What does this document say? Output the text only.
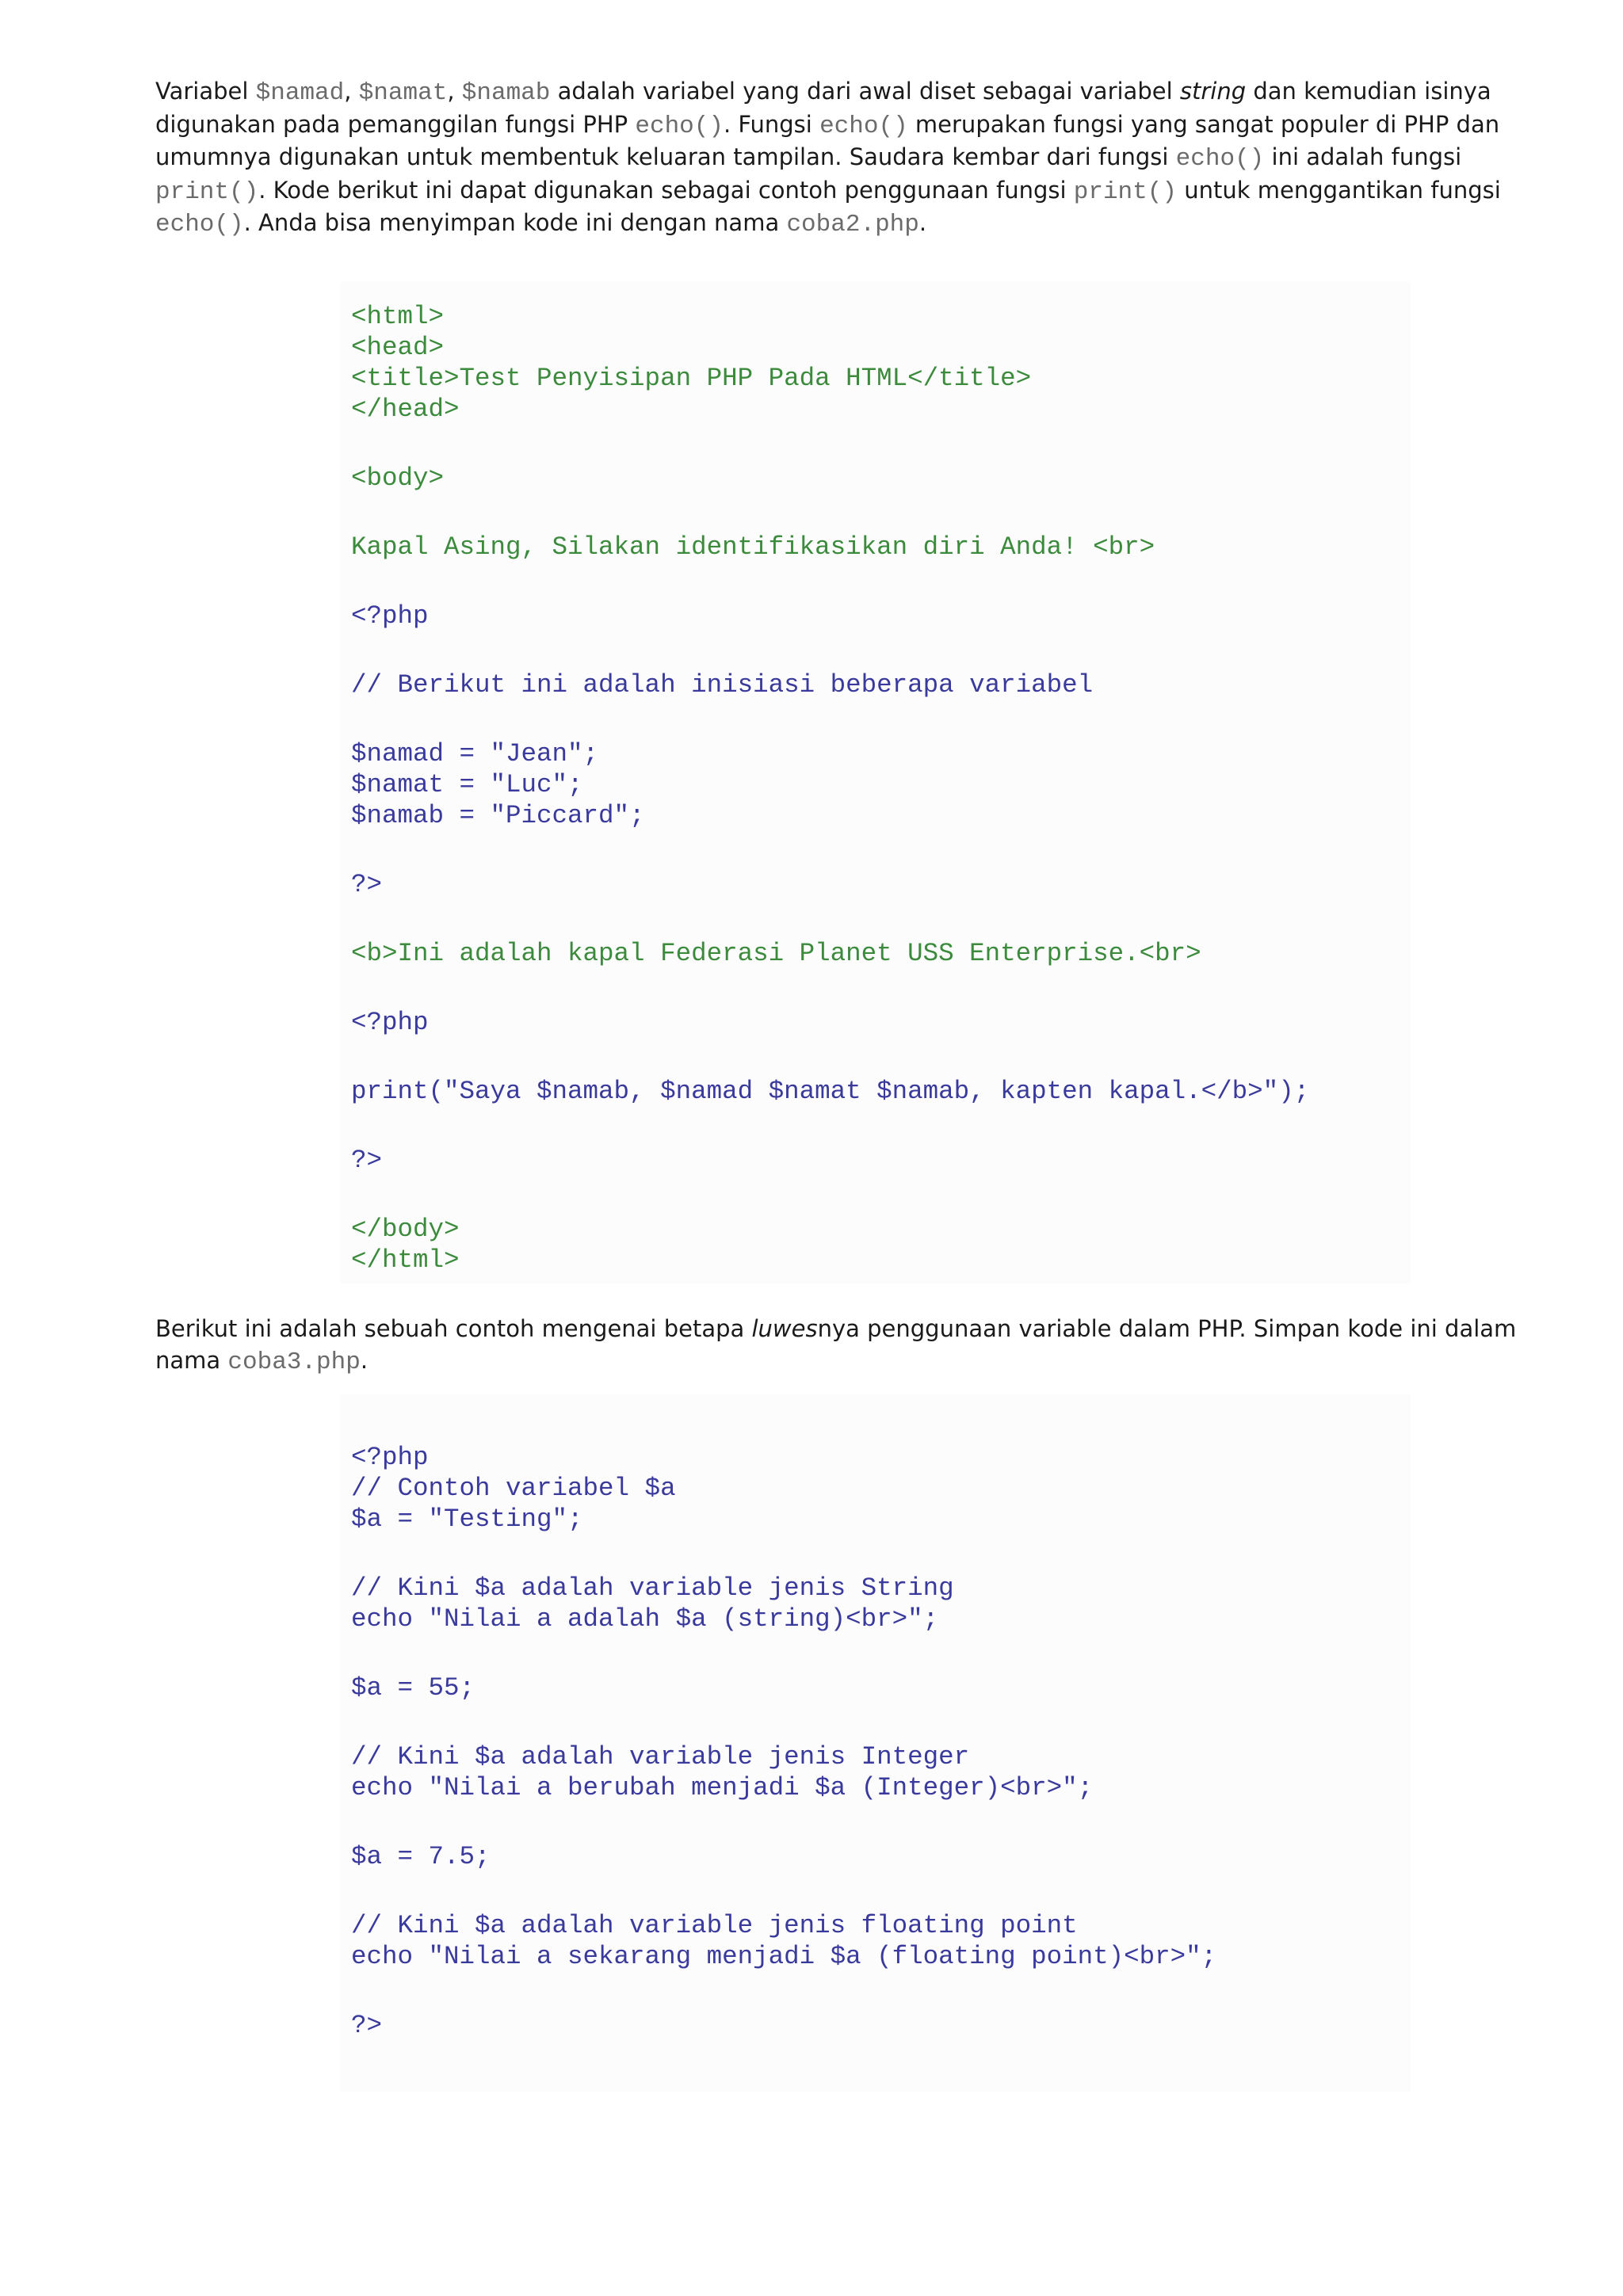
Variabel $namad, $namat, $namab adalah variabel yang dari awal diset sebagai variabel string dan kemudian isinya digunakan pada pemanggilan fungsi PHP echo(). Fungsi echo() merupakan fungsi yang sangat populer di PHP dan umumnya digunakan untuk membentuk keluaran tampilan. Saudara kembar dari fungsi echo() ini adalah fungsi print(). Kode berikut ini dapat digunakan sebagai contoh penggunaan fungsi print() untuk menggantikan fungsi echo(). Anda bisa menyimpan kode ini dengan nama coba2.php.

<html>
<head>
<title>Test Penyisipan PHP Pada HTML</title>
</head>
<body>
Kapal Asing, Silakan identifikasikan diri Anda! <br>
<?php
// Berikut ini adalah inisiasi beberapa variabel
$namad = "Jean";
$namat = "Luc";
$namab = "Piccard";
?>
<b>Ini adalah kapal Federasi Planet USS Enterprise.<br>
<?php
print("Saya $namab, $namad $namat $namab, kapten kapal.</b>");
?>
</body>
</html>

Berikut ini adalah sebuah contoh mengenai betapa luwesnya penggunaan variable dalam PHP. Simpan kode ini dalam nama coba3.php.

<?php
// Contoh variabel $a
$a = "Testing";
// Kini $a adalah variable jenis String
echo "Nilai a adalah $a (string)<br>";
$a = 55;
// Kini $a adalah variable jenis Integer
echo "Nilai a berubah menjadi $a (Integer)<br>";
$a = 7.5;
// Kini $a adalah variable jenis floating point
echo "Nilai a sekarang menjadi $a (floating point)<br>";
?>
